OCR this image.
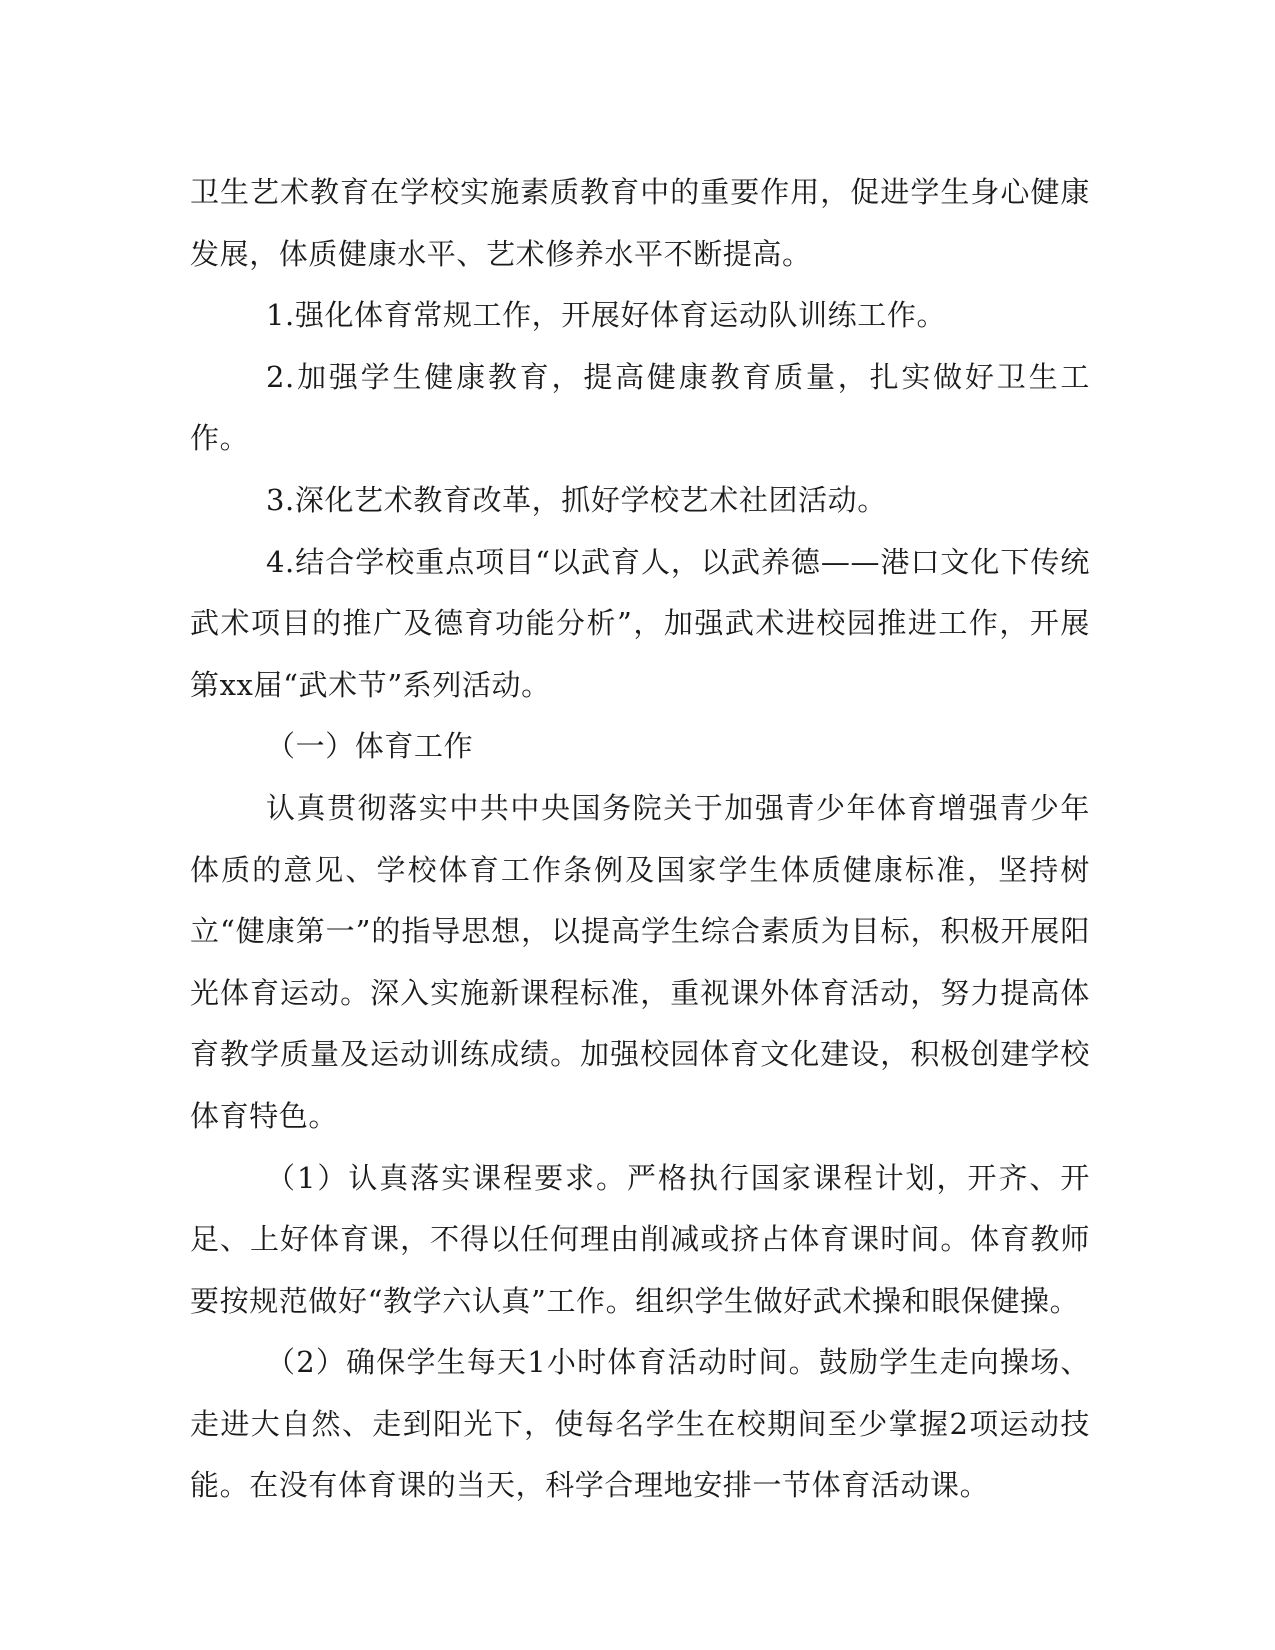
卫生艺术教育在学校实施素质教育中的重要作用，促进学生身心健康发展，体质健康水平、艺术修养水平不断提高。

1.强化体育常规工作，开展好体育运动队训练工作。

2.加强学生健康教育，提高健康教育质量，扎实做好卫生工作。

3.深化艺术教育改革，抓好学校艺术社团活动。

4.结合学校重点项目“以武育人，以武养德——港口文化下传统武术项目的推广及德育功能分析”，加强武术进校园推进工作，开展第xx届“武术节”系列活动。

（一）体育工作

认真贯彻落实中共中央国务院关于加强青少年体育增强青少年体质的意见、学校体育工作条例及国家学生体质健康标准，坚持树立“健康第一”的指导思想，以提高学生综合素质为目标，积极开展阳光体育运动。深入实施新课程标准，重视课外体育活动，努力提高体育教学质量及运动训练成绩。加强校园体育文化建设，积极创建学校体育特色。

（1）认真落实课程要求。严格执行国家课程计划，开齐、开足、上好体育课，不得以任何理由削减或挤占体育课时间。体育教师要按规范做好“教学六认真”工作。组织学生做好武术操和眼保健操。

（2）确保学生每天1小时体育活动时间。鼓励学生走向操场、走进大自然、走到阳光下，使每名学生在校期间至少掌握2项运动技能。在没有体育课的当天，科学合理地安排一节体育活动课。
